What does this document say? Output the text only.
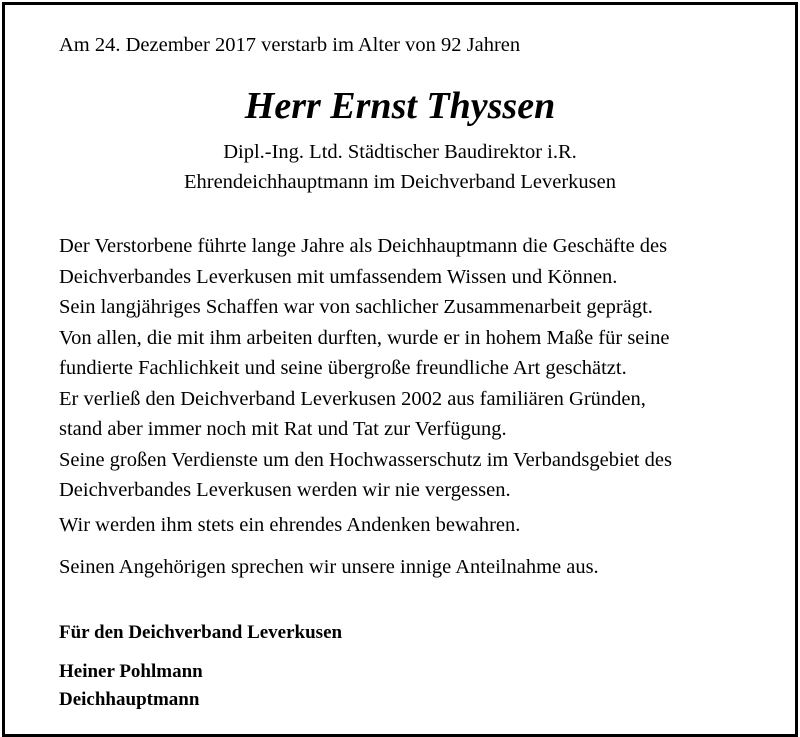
Am 24. Dezember 2017 verstarb im Alter von 92 Jahren
Herr Ernst Thyssen
Dipl.-Ing. Ltd. Städtischer Baudirektor i.R.
Ehrendeichhauptmann im Deichverband Leverkusen
Der Verstorbene führte lange Jahre als Deichhauptmann die Geschäfte des
Deichverbandes Leverkusen mit umfassendem Wissen und Können.
Sein langjähriges Schaffen war von sachlicher Zusammenarbeit geprägt.
Von allen, die mit ihm arbeiten durften, wurde er in hohem Maße für seine
fundierte Fachlichkeit und seine übergroße freundliche Art geschätzt.
Er verließ den Deichverband Leverkusen 2002 aus familiären Gründen,
stand aber immer noch mit Rat und Tat zur Verfügung.
Seine großen Verdienste um den Hochwasserschutz im Verbandsgebiet des
Deichverbandes Leverkusen werden wir nie vergessen.
Wir werden ihm stets ein ehrendes Andenken bewahren.
Seinen Angehörigen sprechen wir unsere innige Anteilnahme aus.
Für den Deichverband Leverkusen
Heiner Pohlmann
Deichhauptmann
